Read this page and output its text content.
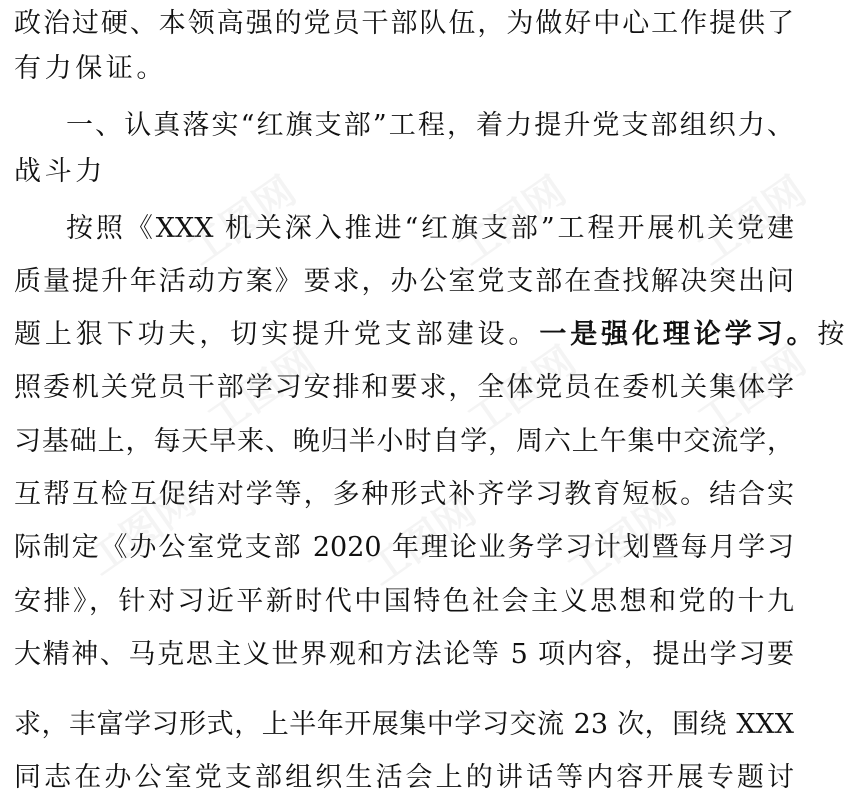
政治过硬、本领高强的党员干部队伍，为做好中心工作提供了
有力保证。
一、认真落实“红旗支部”工程，着力提升党支部组织力、
战斗力
按照《XXX 机关深入推进“红旗支部”工程开展机关党建
质量提升年活动方案》要求，办公室党支部在查找解决突出问
题上狠下功夫，切实提升党支部建设。一是强化理论学习。按
照委机关党员干部学习安排和要求，全体党员在委机关集体学
习基础上，每天早来、晚归半小时自学，周六上午集中交流学，
互帮互检互促结对学等，多种形式补齐学习教育短板。结合实
际制定《办公室党支部 2020 年理论业务学习计划暨每月学习
安排》，针对习近平新时代中国特色社会主义思想和党的十九
大精神、马克思主义世界观和方法论等 5 项内容，提出学习要
求，丰富学习形式，上半年开展集中学习交流 23 次，围绕 XXX
同志在办公室党支部组织生活会上的讲话等内容开展专题讨
工图网	工图网	工图网
工图网	工图网	工图网
工图网	工图网 工图网
